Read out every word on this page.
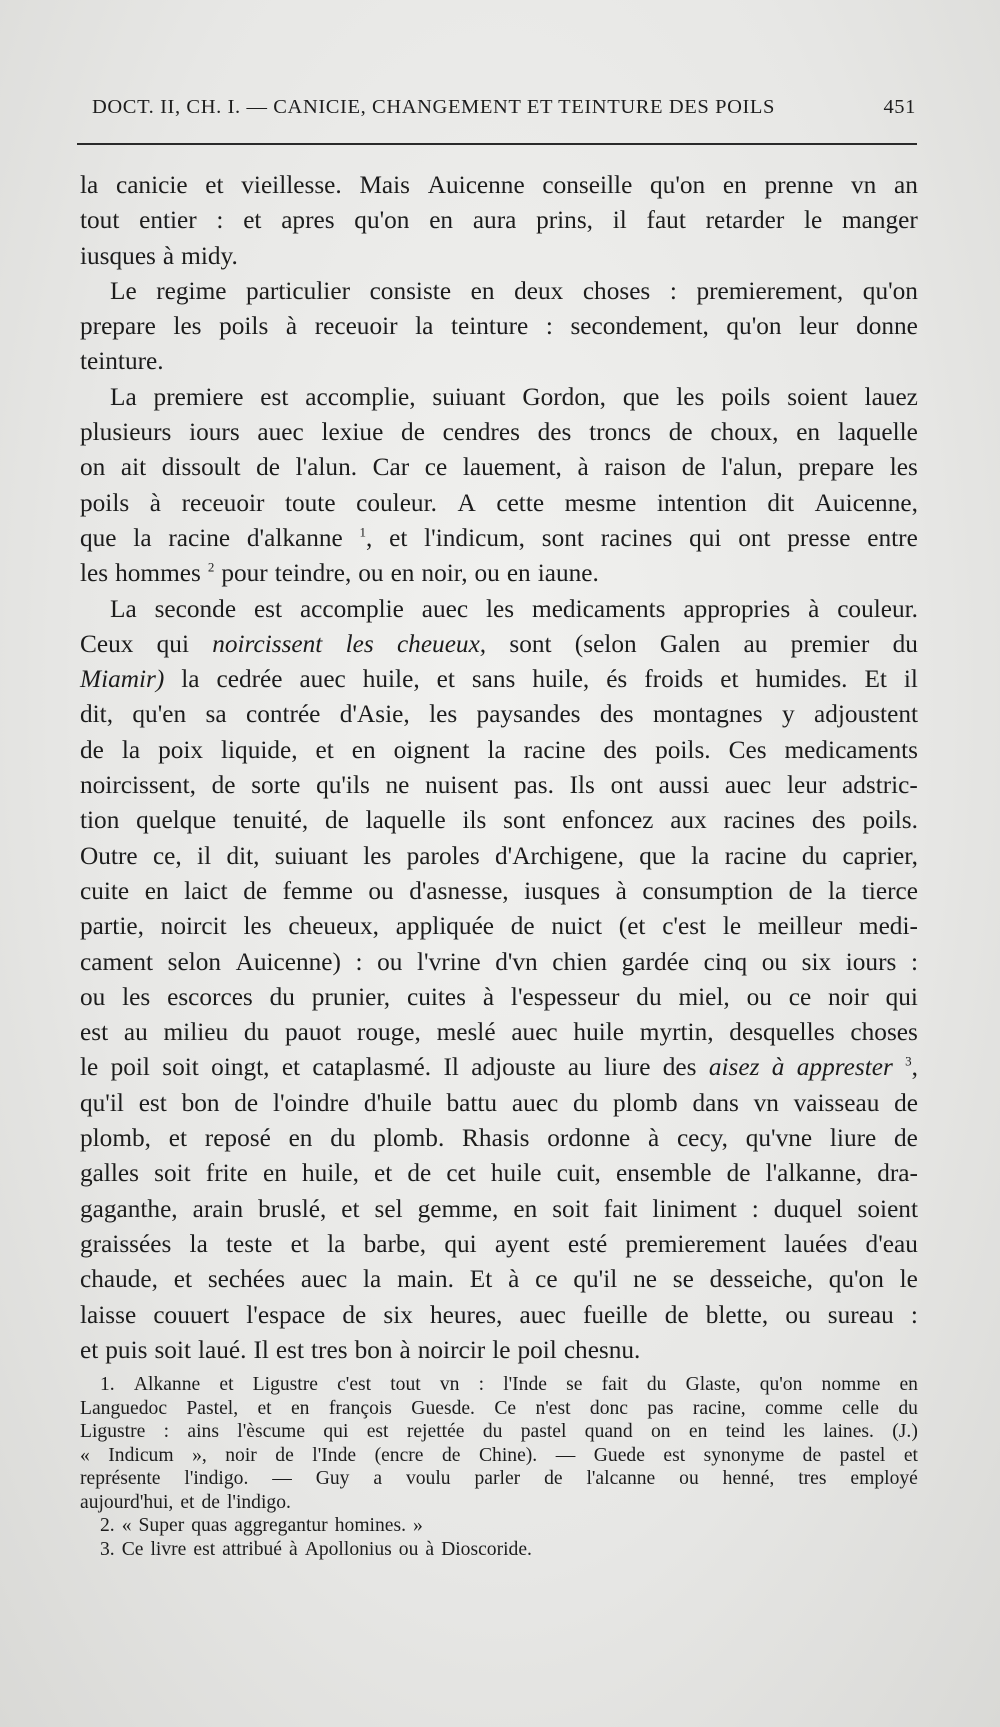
DOCT. II, CH. I. — CANICIE, CHANGEMENT ET TEINTURE DES POILS	451
la canicie et vieillesse. Mais Auicenne conseille qu'on en prenne vn an
tout entier : et apres qu'on en aura prins, il faut retarder le manger
iusques à midy.
Le regime particulier consiste en deux choses : premierement, qu'on
prepare les poils à receuoir la teinture : secondement, qu'on leur donne
teinture.
La premiere est accomplie, suiuant Gordon, que les poils soient lauez
plusieurs iours auec lexiue de cendres des troncs de choux, en laquelle
on ait dissoult de l'alun. Car ce lauement, à raison de l'alun, prepare les
poils à receuoir toute couleur. A cette mesme intention dit Auicenne,
que la racine d'alkanne $^1$, et l'indicum, sont racines qui ont presse entre
les hommes $^2$ pour teindre, ou en noir, ou en iaune.
La seconde est accomplie auec les medicaments appropries à couleur.
Ceux qui noircissent les cheueux, sont (selon Galen au premier du
Miamir) la cedrée auec huile, et sans huile, és froids et humides. Et il
dit, qu'en sa contrée d'Asie, les paysandes des montagnes y adjoustent
de la poix liquide, et en oignent la racine des poils. Ces medicaments
noircissent, de sorte qu'ils ne nuisent pas. Ils ont aussi auec leur adstric-
tion quelque tenuité, de laquelle ils sont enfoncez aux racines des poils.
Outre ce, il dit, suiuant les paroles d'Archigene, que la racine du caprier,
cuite en laict de femme ou d'asnesse, iusques à consumption de la tierce
partie, noircit les cheueux, appliquée de nuict (et c'est le meilleur medi-
cament selon Auicenne) : ou l'vrine d'vn chien gardée cinq ou six iours :
ou les escorces du prunier, cuites à l'espesseur du miel, ou ce noir qui
est au milieu du pauot rouge, meslé auec huile myrtin, desquelles choses
le poil soit oingt, et cataplasmé. Il adjouste au liure des aisez à apprester $^3$,
qu'il est bon de l'oindre d'huile battu auec du plomb dans vn vaisseau de
plomb, et reposé en du plomb. Rhasis ordonne à cecy, qu'vne liure de
galles soit frite en huile, et de cet huile cuit, ensemble de l'alkanne, dra-
gaganthe, arain bruslé, et sel gemme, en soit fait liniment : duquel soient
graissées la teste et la barbe, qui ayent esté premierement lauées d'eau
chaude, et sechées auec la main. Et à ce qu'il ne se desseiche, qu'on le
laisse couuert l'espace de six heures, auec fueille de blette, ou sureau :
et puis soit laué. Il est tres bon à noircir le poil chesnu.
1. Alkanne et Ligustre c'est tout vn : l'Inde se fait du Glaste, qu'on nomme en
Languedoc Pastel, et en françois Guesde. Ce n'est donc pas racine, comme celle du
Ligustre : ains l'èscume qui est rejettée du pastel quand on en teind les laines. (J.)
« Indicum », noir de l'Inde (encre de Chine). — Guede est synonyme de pastel et
représente l'indigo. — Guy a voulu parler de l'alcanne ou henné, tres employé
aujourd'hui, et de l'indigo.
2. « Super quas aggregantur homines. »
3. Ce livre est attribué à Apollonius ou à Dioscoride.
